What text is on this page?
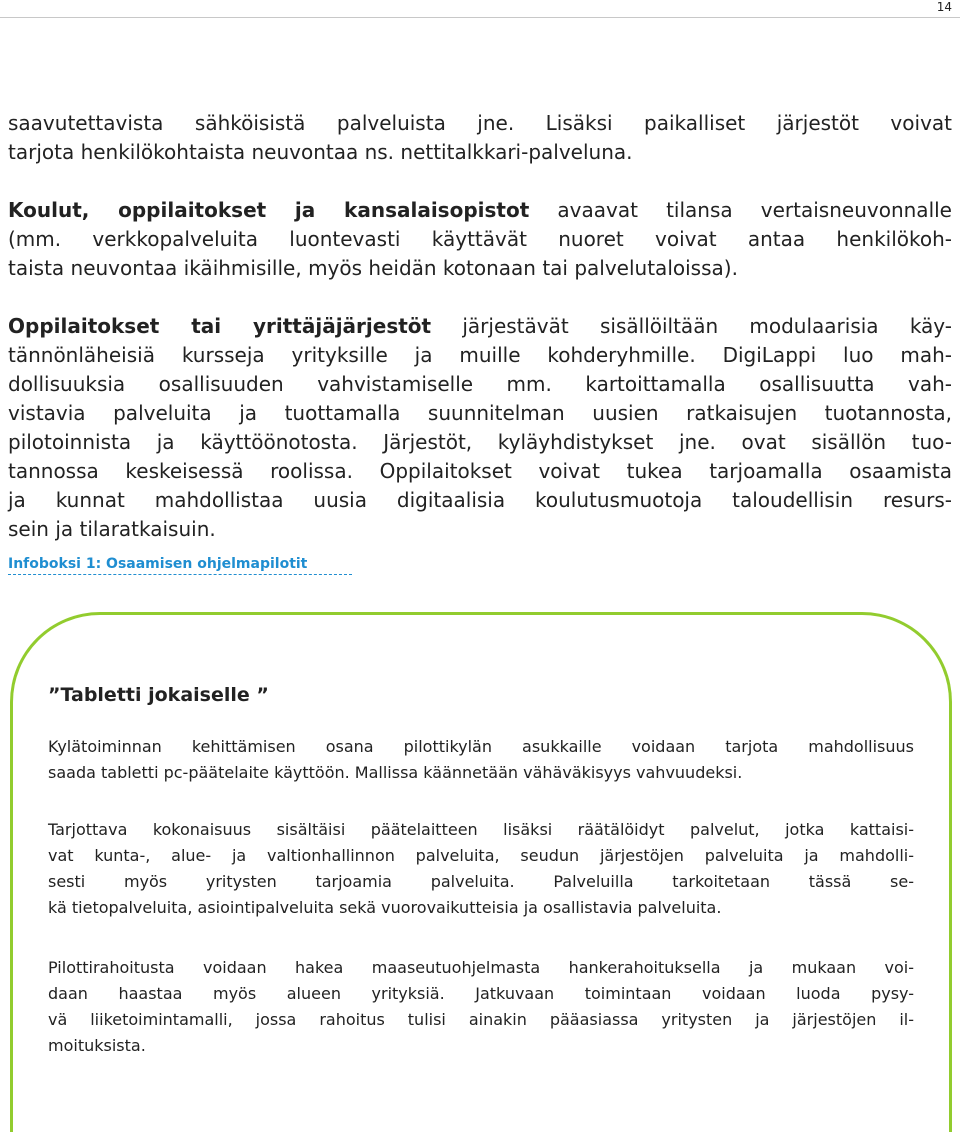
14
saavutettavista sähköisistä palveluista jne. Lisäksi paikalliset järjestöt voivat
tarjota henkilökohtaista neuvontaa ns. nettitalkkari-palveluna.
Koulut, oppilaitokset ja kansalaisopistot avaavat tilansa vertaisneuvonnalle
(mm. verkkopalveluita luontevasti käyttävät nuoret voivat antaa henkilökoh-
taista neuvontaa ikäihmisille, myös heidän kotonaan tai palvelutaloissa).
Oppilaitokset tai yrittäjäjärjestöt järjestävät sisällöiltään modulaarisia käy-
tännönläheisiä kursseja yrityksille ja muille kohderyhmille. DigiLappi luo mah-
dollisuuksia osallisuuden vahvistamiselle mm. kartoittamalla osallisuutta vah-
vistavia palveluita ja tuottamalla suunnitelman uusien ratkaisujen tuotannosta,
pilotoinnista ja käyttöönotosta. Järjestöt, kyläyhdistykset jne. ovat sisällön tuo-
tannossa keskeisessä roolissa. Oppilaitokset voivat tukea tarjoamalla osaamista
ja kunnat mahdollistaa uusia digitaalisia koulutusmuotoja taloudellisin resurs-
sein ja tilaratkaisuin.
Infoboksi 1: Osaamisen ohjelmapilotit
”Tabletti jokaiselle ”
Kylätoiminnan kehittämisen osana pilottikylän asukkaille voidaan tarjota mahdollisuus
saada tabletti pc-päätelaite käyttöön. Mallissa käännetään vähäväkisyys vahvuudeksi.
Tarjottava kokonaisuus sisältäisi päätelaitteen lisäksi räätälöidyt palvelut, jotka kattaisi-
vat kunta-, alue- ja valtionhallinnon palveluita, seudun järjestöjen palveluita ja mahdolli-
sesti myös yritysten tarjoamia palveluita. Palveluilla tarkoitetaan tässä se-
kä tietopalveluita, asiointipalveluita sekä vuorovaikutteisia ja osallistavia palveluita.
Pilottirahoitusta voidaan hakea maaseutuohjelmasta hankerahoituksella ja mukaan voi-
daan haastaa myös alueen yrityksiä. Jatkuvaan toimintaan voidaan luoda pysy-
vä liiketoimintamalli, jossa rahoitus tulisi ainakin pääasiassa yritysten ja järjestöjen il-
moituksista.
